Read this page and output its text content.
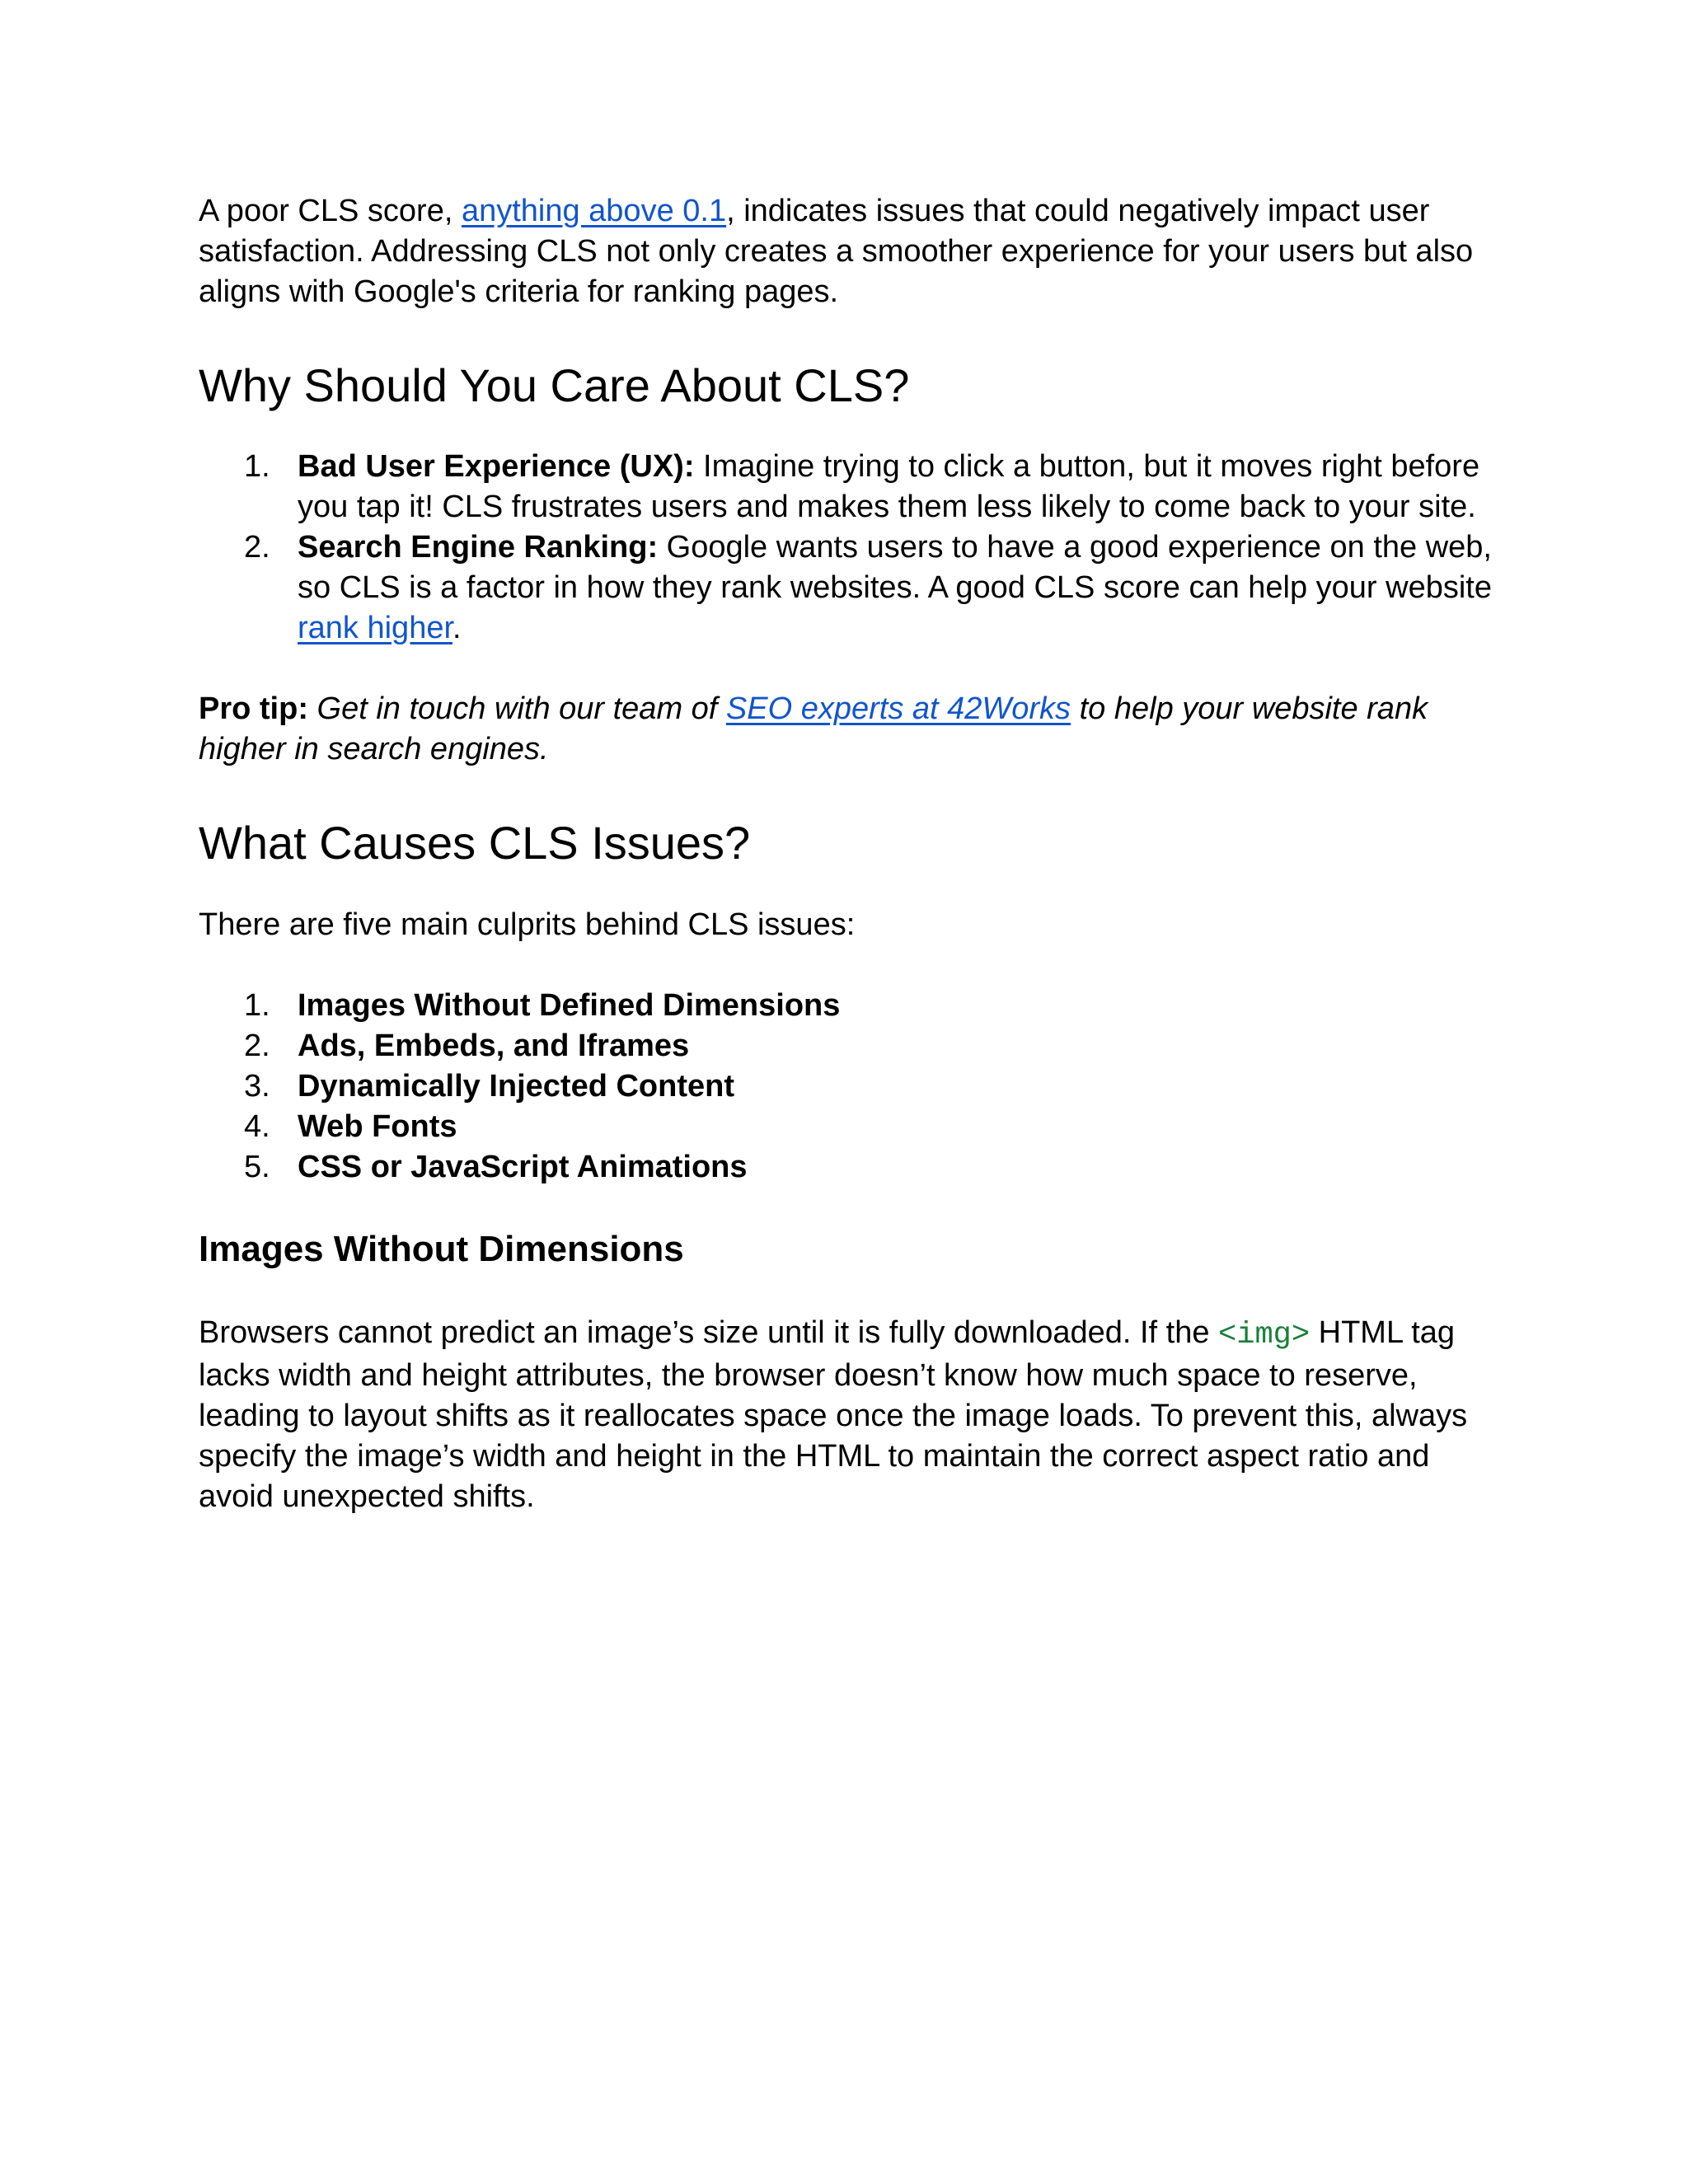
A poor CLS score, anything above 0.1, indicates issues that could negatively impact user satisfaction. Addressing CLS not only creates a smoother experience for your users but also aligns with Google's criteria for ranking pages.

Why Should You Care About CLS?
1. Bad User Experience (UX): Imagine trying to click a button, but it moves right before you tap it! CLS frustrates users and makes them less likely to come back to your site.
2. Search Engine Ranking: Google wants users to have a good experience on the web, so CLS is a factor in how they rank websites. A good CLS score can help your website rank higher.

Pro tip: Get in touch with our team of SEO experts at 42Works to help your website rank higher in search engines.

What Causes CLS Issues?

There are five main culprits behind CLS issues:

1. Images Without Defined Dimensions
2. Ads, Embeds, and Iframes
3. Dynamically Injected Content
4. Web Fonts
5. CSS or JavaScript Animations
Images Without Dimensions

Browsers cannot predict an image’s size until it is fully downloaded. If the <img> HTML tag lacks width and height attributes, the browser doesn’t know how much space to reserve, leading to layout shifts as it reallocates space once the image loads. To prevent this, always specify the image’s width and height in the HTML to maintain the correct aspect ratio and avoid unexpected shifts.
